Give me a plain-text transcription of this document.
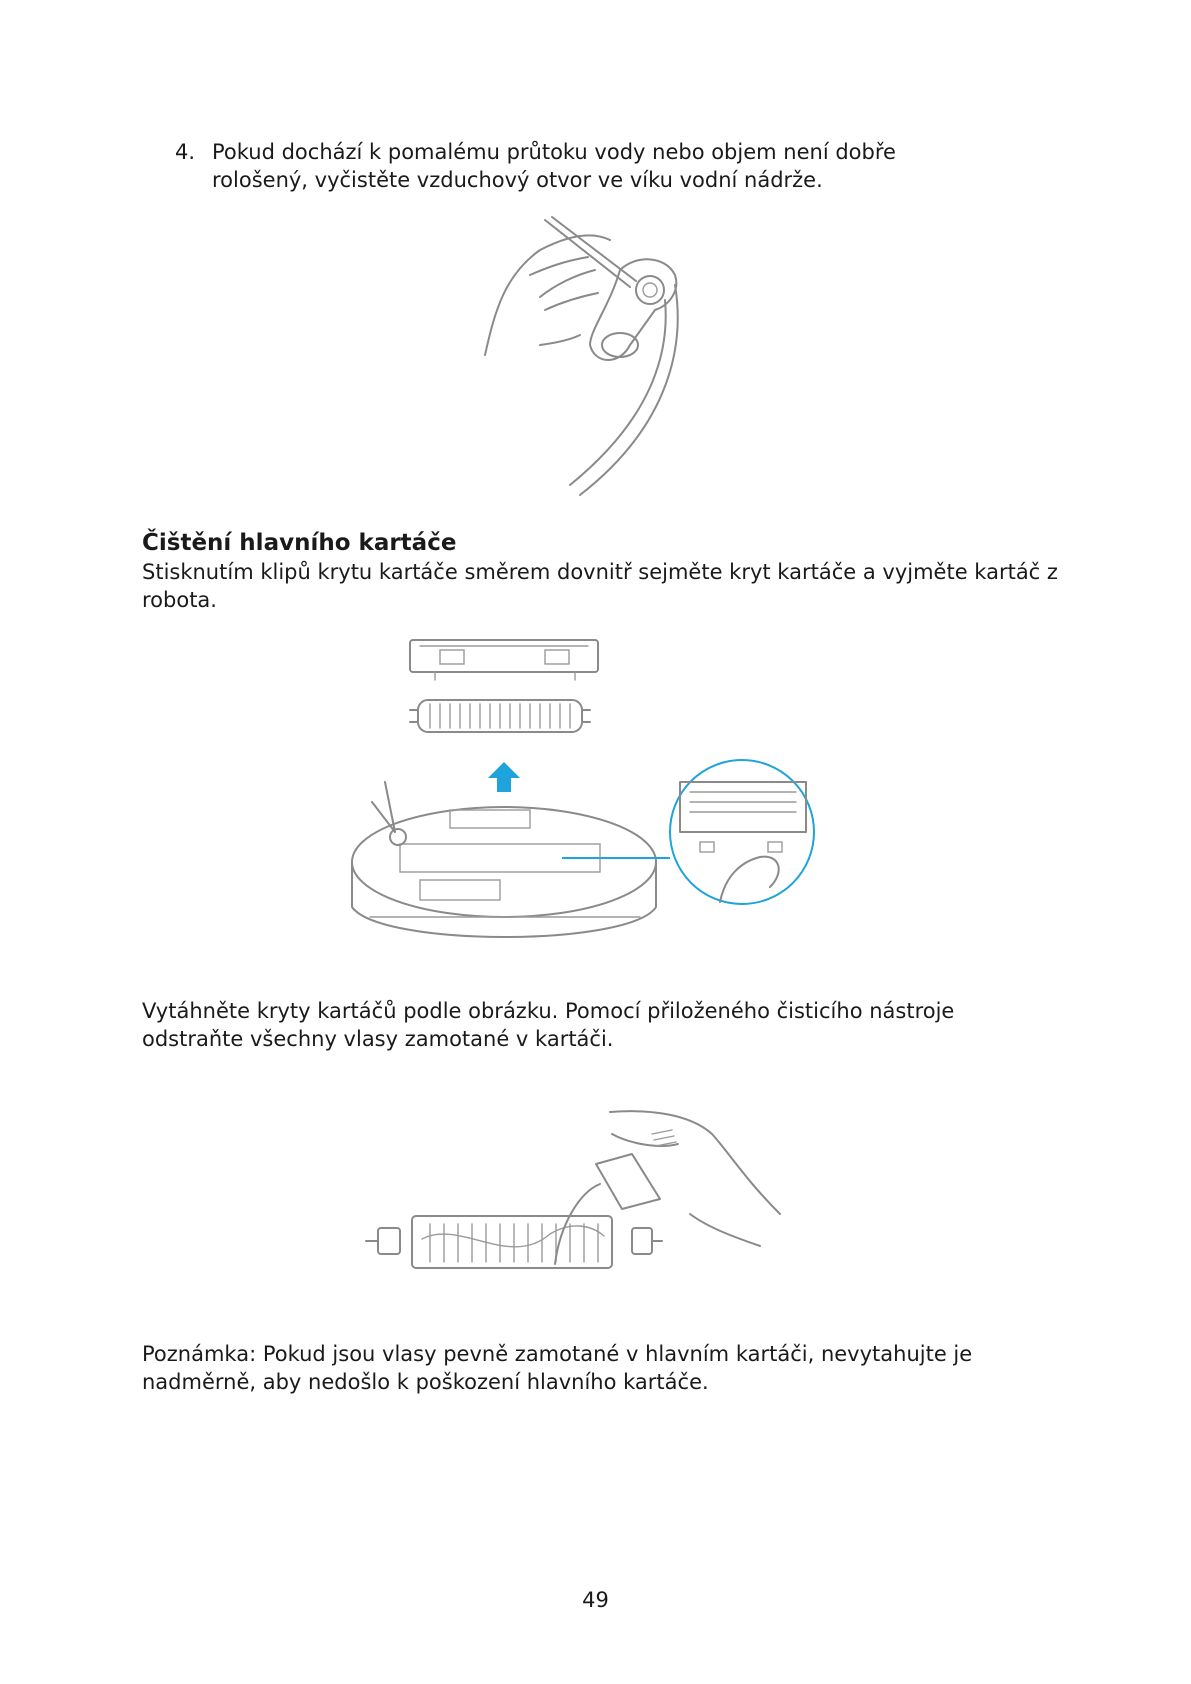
4. Pokud dochází k pomalému průtoku vody nebo objem není dobře rološený, vyčistěte vzduchový otvor ve víku vodní nádrže.
Čištění hlavního kartáče
Stisknutím klipů krytu kartáče směrem dovnitř sejměte kryt kartáče a vyjměte kartáč z robota.
Vytáhněte kryty kartáčů podle obrázku. Pomocí přiloženého čisticího nástroje odstraňte všechny vlasy zamotané v kartáči.
Poznámka: Pokud jsou vlasy pevně zamotané v hlavním kartáči, nevytahujte je nadměrně, aby nedošlo k poškození hlavního kartáče.
49
